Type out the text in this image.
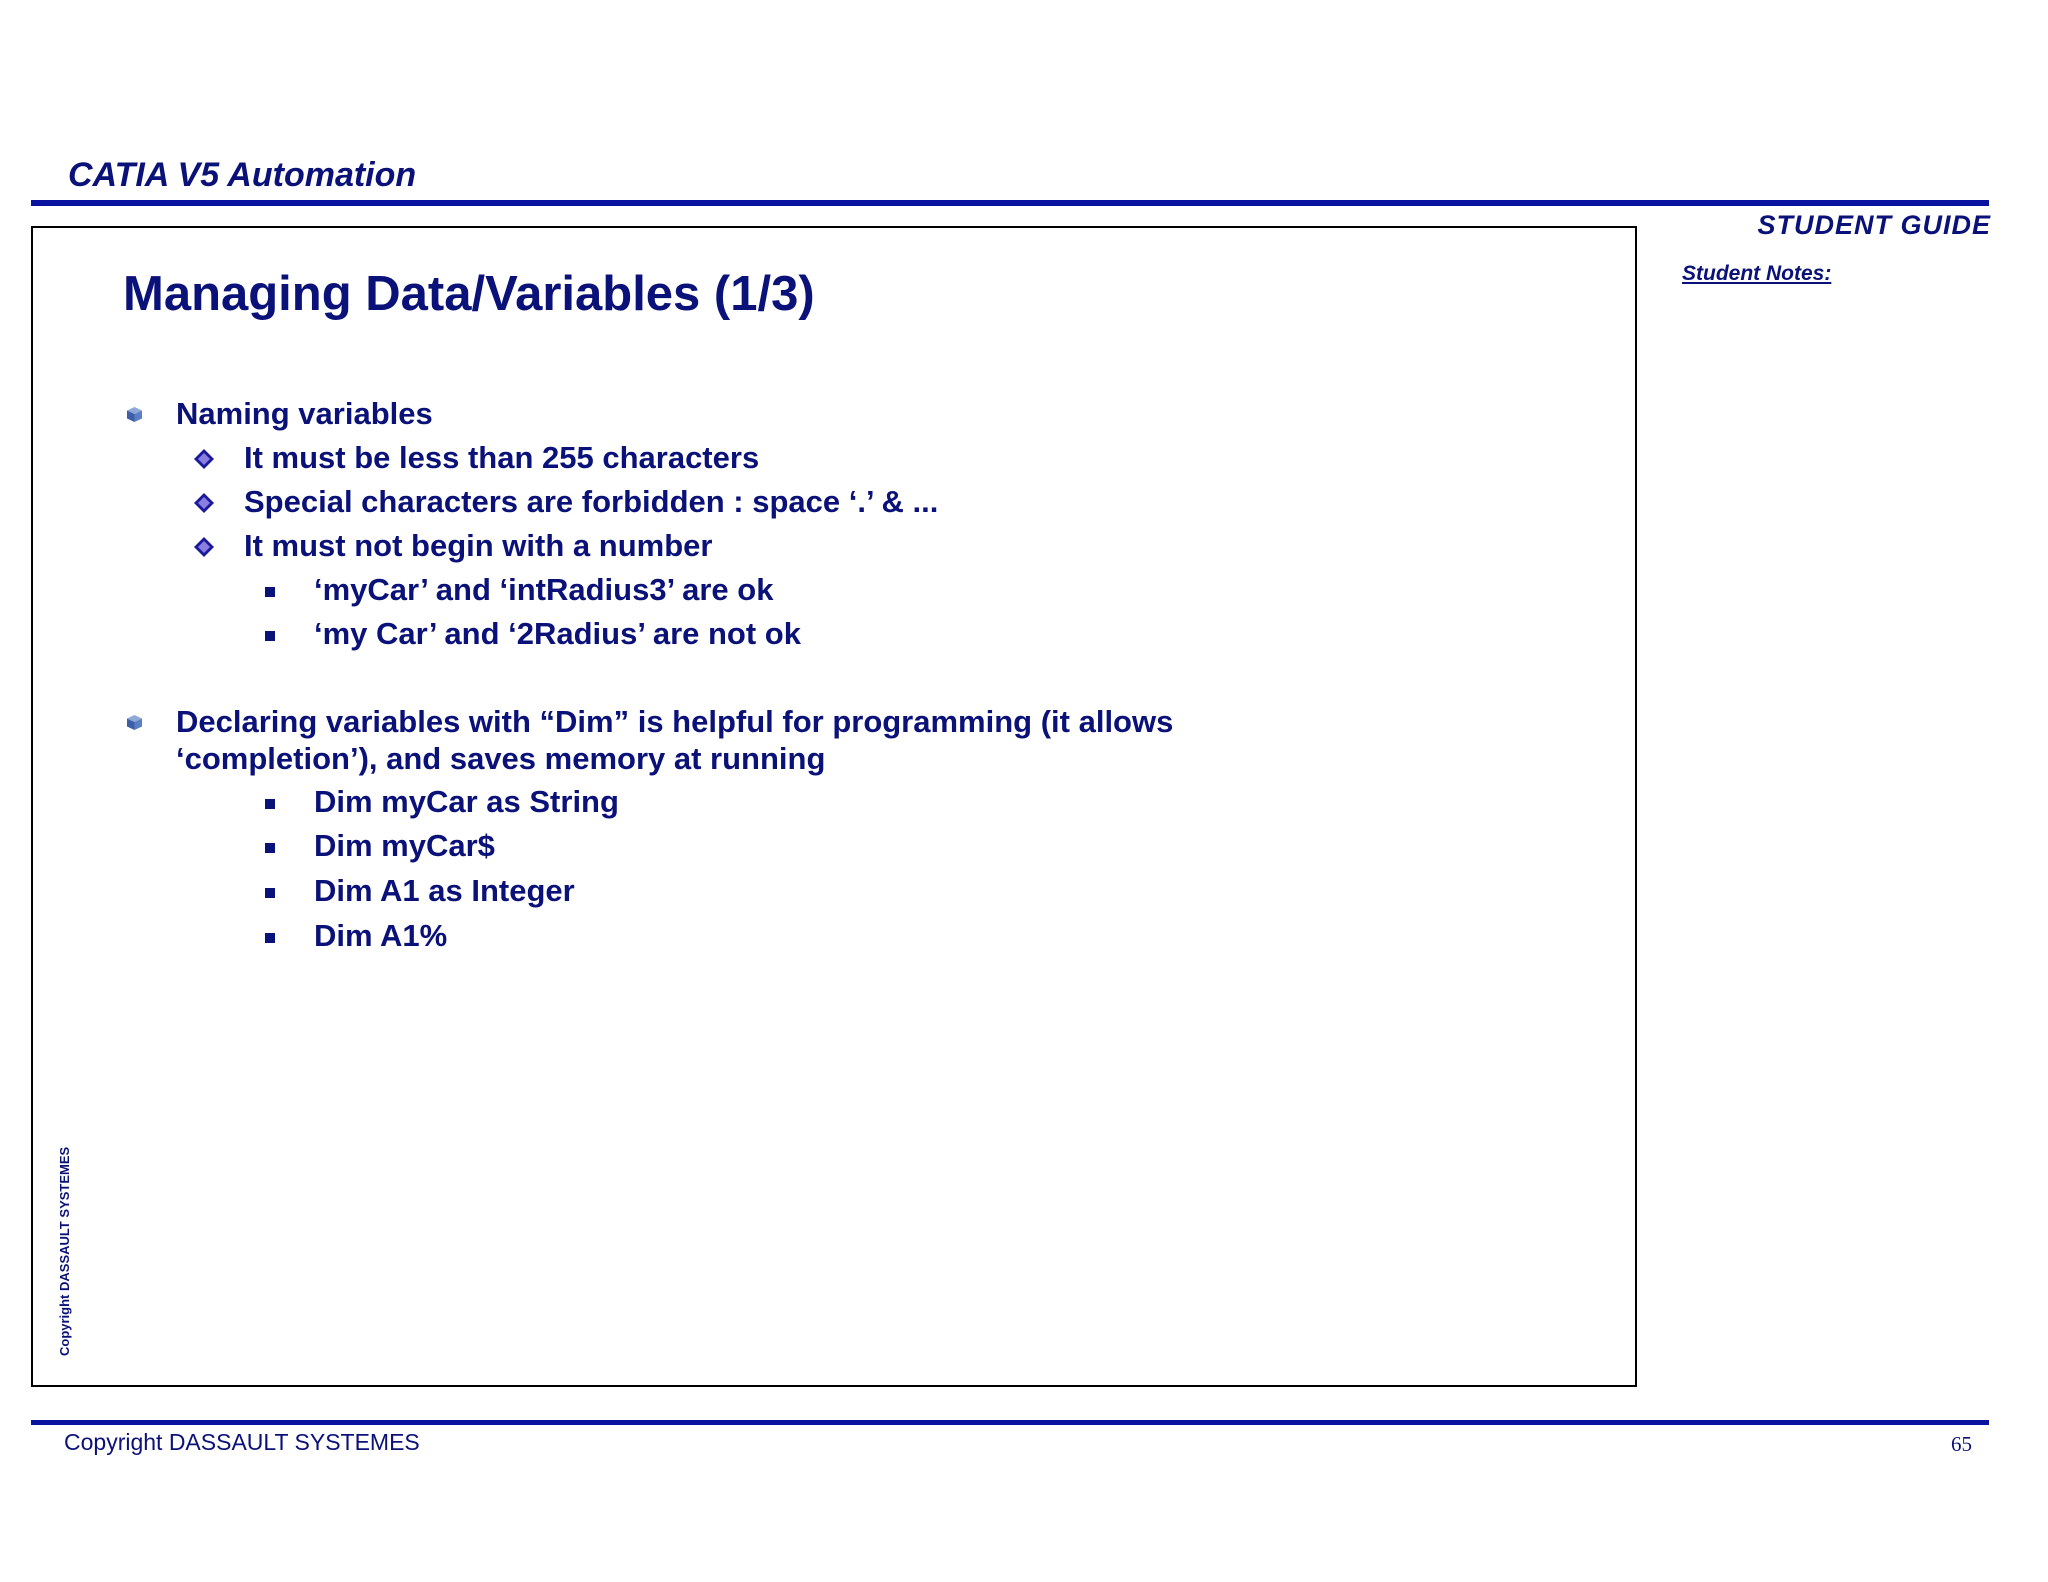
CATIA V5 Automation
STUDENT GUIDE
Student Notes:
Managing Data/Variables (1/3)
Naming variables
It must be less than 255 characters
Special characters are forbidden : space ‘.’ & ...
It must not begin with a number
‘myCar’ and ‘intRadius3’ are ok
‘my Car’ and ‘2Radius’ are not ok
Declaring variables with “Dim” is helpful for programming (it allows
‘completion’), and saves memory at running
Dim myCar as String
Dim myCar$
Dim A1 as Integer
Dim A1%
Copyright DASSAULT SYSTEMES
Copyright DASSAULT SYSTEMES	65
